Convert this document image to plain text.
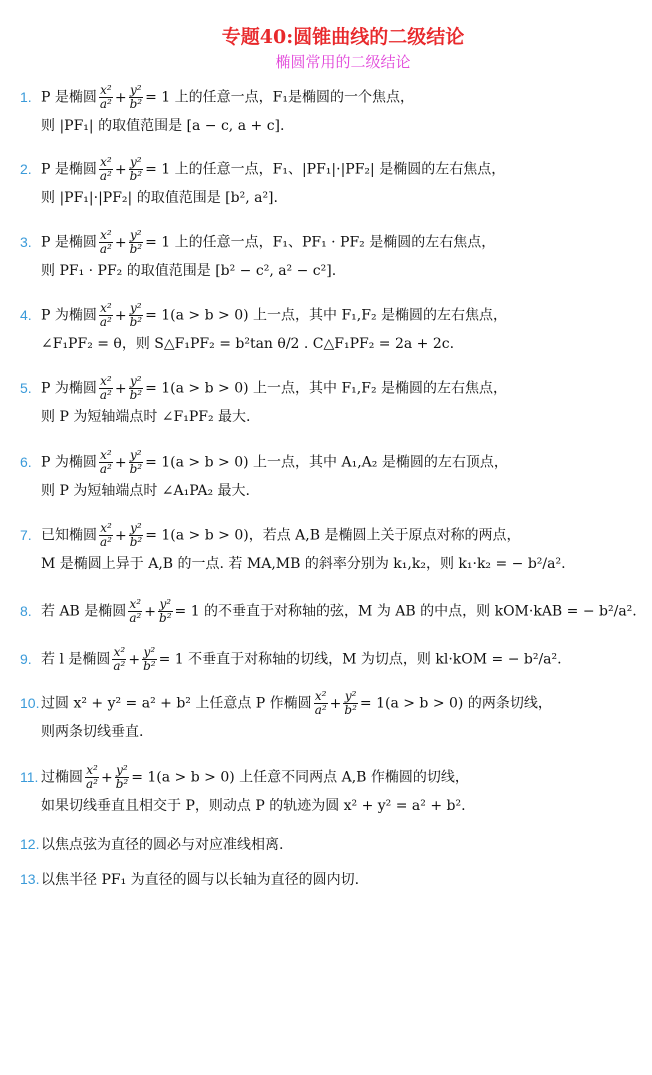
专题40:圆锥曲线的二级结论
椭圆常用的二级结论
1. P 是椭圆 $\frac{\text{x²}}{\text{a²}} + \frac{\text{y²}}{\text{b²}} = 1$ 上的任意一点，F₁是椭圆的一个焦点，
则 |PF₁| 的取值范围是 [a − c, a + c].
2. P 是椭圆 $\frac{\text{x²}}{\text{a²}} + \frac{\text{y²}}{\text{b²}} = 1$ 上的任意一点，F₁、|PF₁|·|PF₂| 是椭圆的左右焦点，
则 |PF₁|·|PF₂| 的取值范围是 [b², a²].
3. P 是椭圆 $\frac{\text{x²}}{\text{a²}} + \frac{\text{y²}}{\text{b²}} = 1$ 上的任意一点，F₁、PF₁ · PF₂ 是椭圆的左右焦点，
则 PF₁ · PF₂ 的取值范围是 [b² − c², a² − c²].
4. P 为椭圆 $\frac{\text{x²}}{\text{a²}} + \frac{\text{y²}}{\text{b²}} = 1(a > b > 0)$ 上一点，其中 F₁,F₂ 是椭圆的左右焦点，
∠F₁PF₂ = θ，则 S△F₁PF₂ = b²tan θ/2 . C△F₁PF₂ = 2a + 2c.
5. P 为椭圆 $\frac{\text{x²}}{\text{a²}} + \frac{\text{y²}}{\text{b²}} = 1(a > b > 0)$ 上一点，其中 F₁,F₂ 是椭圆的左右焦点，
则 P 为短轴端点时 ∠F₁PF₂ 最大.
6. P 为椭圆 $\frac{\text{x²}}{\text{a²}} + \frac{\text{y²}}{\text{b²}} = 1(a > b > 0)$ 上一点，其中 A₁,A₂ 是椭圆的左右顶点，
则 P 为短轴端点时 ∠A₁PA₂ 最大.
7. 已知椭圆 $\frac{\text{x²}}{\text{a²}} + \frac{\text{y²}}{\text{b²}} = 1(a > b > 0)$，若点 A,B 是椭圆上关于原点对称的两点，
M 是椭圆上异于 A,B 的一点. 若 MA,MB 的斜率分别为 k₁,k₂，则 k₁·k₂ = − b²/a².
8. 若 AB 是椭圆 $\frac{\text{x²}}{\text{a²}} + \frac{\text{y²}}{\text{b²}} = 1$ 的不垂直于对称轴的弦，M 为 AB 的中点，则 kOM·kAB = − b²/a².
9. 若 l 是椭圆 $\frac{\text{x²}}{\text{a²}} + \frac{\text{y²}}{\text{b²}} = 1$ 不垂直于对称轴的切线，M 为切点，则 kl·kOM = − b²/a².
10. 过圆 x² + y² = a² + b² 上任意点 P 作椭圆 $\frac{\text{x²}}{\text{a²}} + \frac{\text{y²}}{\text{b²}} = 1(a > b > 0)$ 的两条切线，
则两条切线垂直.
11. 过椭圆 $\frac{\text{x²}}{\text{a²}} + \frac{\text{y²}}{\text{b²}} = 1(a > b > 0)$ 上任意不同两点 A,B 作椭圆的切线，
如果切线垂直且相交于 P，则动点 P 的轨迹为圆 x² + y² = a² + b².
12. 以焦点弦为直径的圆必与对应准线相离.
13. 以焦半径 PF₁ 为直径的圆与以长轴为直径的圆内切.
